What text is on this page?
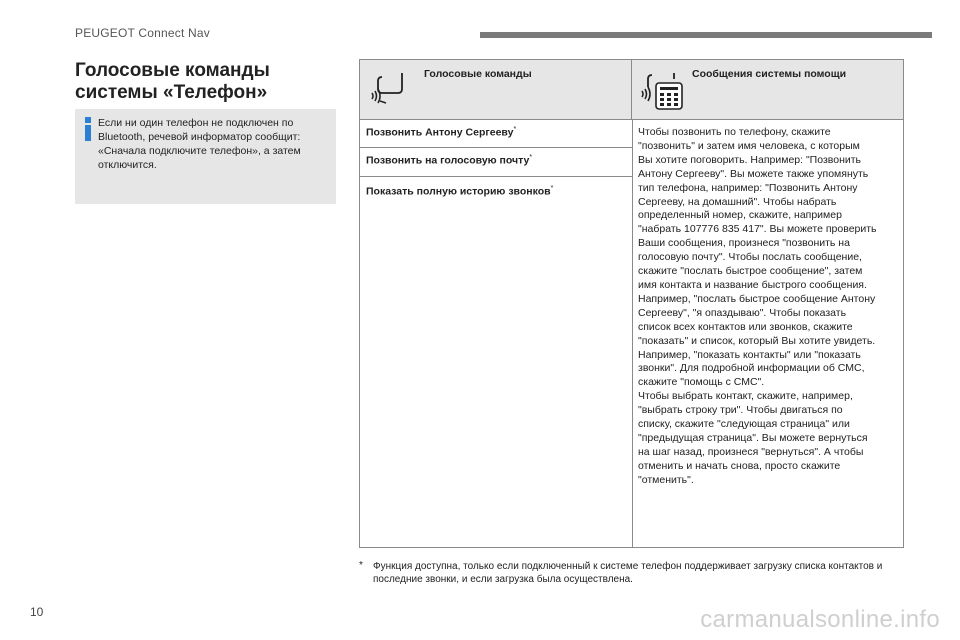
PEUGEOT Connect Nav
Голосовые команды
системы «Телефон»
Если ни один телефон не подключен по Bluetooth, речевой информатор сообщит: «Сначала подключите телефон», а затем отключится.
Голосовые команды	Сообщения системы помощи
Позвонить Антону Сергееву*
Позвонить на голосовую почту*
Показать полную историю звонков*
Чтобы позвонить по телефону, скажите
"позвонить" и затем имя человека, с которым
Вы хотите поговорить. Например: "Позвонить
Антону Сергееву". Вы можете также упомянуть
тип телефона, например: "Позвонить Антону
Сергееву, на домашний". Чтобы набрать
определенный номер, скажите, например
"набрать 107776 835 417". Вы можете проверить
Ваши сообщения, произнеся "позвонить на
голосовую почту". Чтобы послать сообщение,
скажите "послать быстрое сообщение", затем
имя контакта и название быстрого сообщения.
Например, "послать быстрое сообщение Антону
Сергееву", "я опаздываю". Чтобы показать
список всех контактов или звонков, скажите
"показать" и список, который Вы хотите увидеть.
Например, "показать контакты" или "показать
звонки". Для подробной информации об СМС,
скажите "помощь с СМС".
Чтобы выбрать контакт, скажите, например,
"выбрать строку три". Чтобы двигаться по
списку, скажите "следующая страница" или
"предыдущая страница". Вы можете вернуться
на шаг назад, произнеся "вернуться". А чтобы
отменить и начать снова, просто скажите
"отменить".
* Функция доступна, только если подключенный к системе телефон поддерживает загрузку списка контактов и последние звонки, и если загрузка была осуществлена.
10	carmanualsonline.info
